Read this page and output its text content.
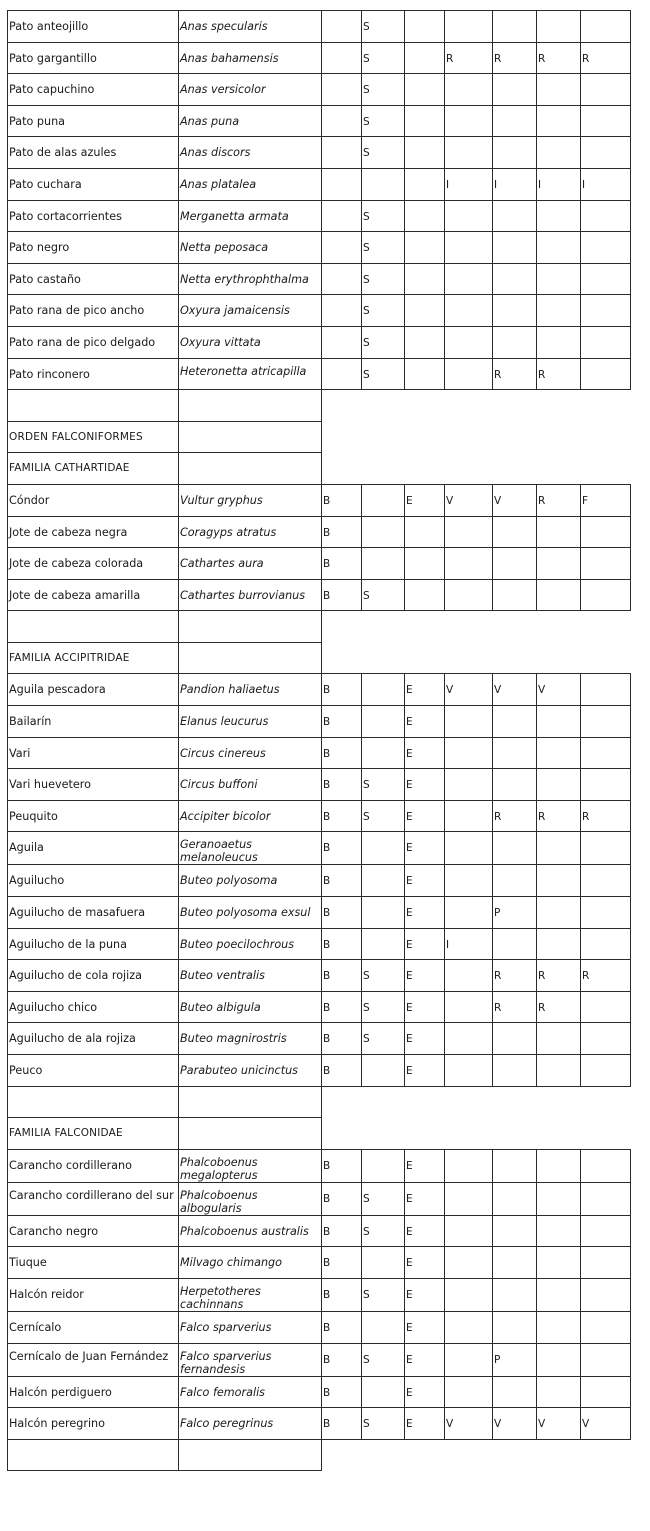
Pato anteojillo	Anas specularis		S					
Pato gargantillo	Anas bahamensis		S		R	R	R	R
Pato capuchino	Anas versicolor		S					
Pato puna	Anas puna		S					
Pato de alas azules	Anas discors		S					
Pato cuchara	Anas platalea				I	I	I	I
Pato cortacorrientes	Merganetta armata		S					
Pato negro	Netta peposaca		S					
Pato castaño	Netta erythrophthalma		S					
Pato rana de pico ancho	Oxyura jamaicensis		S					
Pato rana de pico delgado	Oxyura vittata		S					
Pato rinconero	Heteronetta atricapilla		S			R	R	

ORDEN FALCONIFORMES								
FAMILIA CATHARTIDAE								
Cóndor	Vultur gryphus	B		E	V	V	R	F
Jote de cabeza negra	Coragyps atratus	B						
Jote de cabeza colorada	Cathartes aura	B						
Jote de cabeza amarilla	Cathartes burrovianus	B	S					

FAMILIA ACCIPITRIDAE								
Aguila pescadora	Pandion haliaetus	B		E	V	V	V	
Bailarín	Elanus leucurus	B		E				
Vari	Circus cinereus	B		E				
Vari huevetero	Circus buffoni	B	S	E				
Peuquito	Accipiter bicolor	B	S	E		R	R	R
Aguila	Geranoaetus melanoleucus	B		E				
Aguilucho	Buteo polyosoma	B		E				
Aguilucho de masafuera	Buteo polyosoma exsul	B		E		P		
Aguilucho de la puna	Buteo poecilochrous	B		E	I			
Aguilucho de cola rojiza	Buteo ventralis	B	S	E		R	R	R
Aguilucho chico	Buteo albigula	B	S	E		R	R	
Aguilucho de ala rojiza	Buteo magnirostris	B	S	E				
Peuco	Parabuteo unicinctus	B		E				

FAMILIA FALCONIDAE								
Carancho cordillerano	Phalcoboenus megalopterus	B		E				
Carancho cordillerano del sur	Phalcoboenus albogularis	B	S	E				
Carancho negro	Phalcoboenus australis	B	S	E				
Tiuque	Milvago chimango	B		E				
Halcón reidor	Herpetotheres cachinnans	B	S	E				
Cernícalo	Falco sparverius	B		E				
Cernícalo de Juan Fernández	Falco sparverius fernandesis	B	S	E		P		
Halcón perdiguero	Falco femoralis	B		E				
Halcón peregrino	Falco peregrinus	B	S	E	V	V	V	V
